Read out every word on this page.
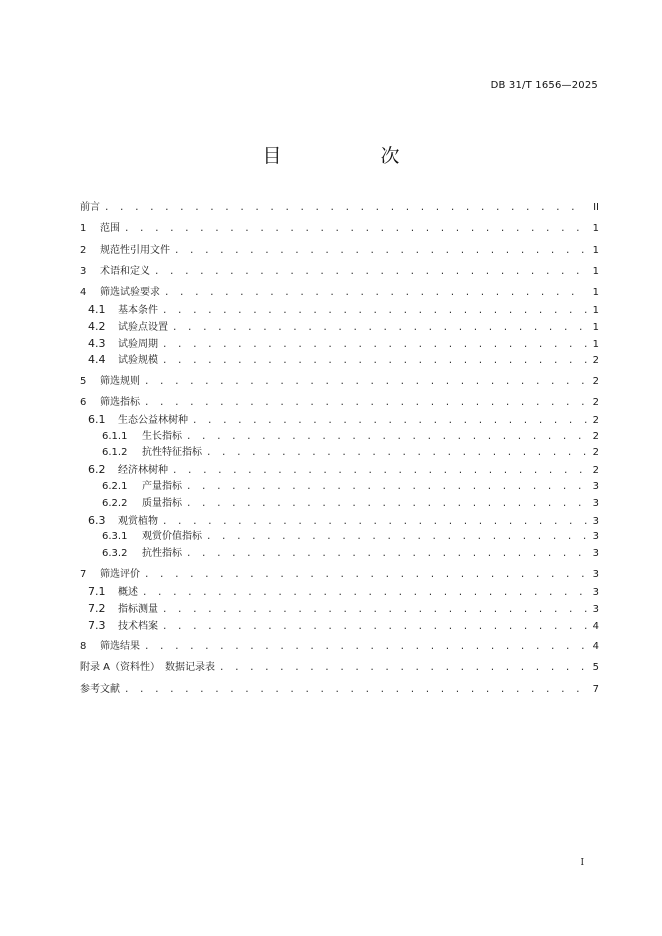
DB 31/T 1656—2025
目　次
前言 . . .	II
1	范围 . . .	1
2	规范性引用文件 . . .	1
3	术语和定义 . . .	1
4	筛选试验要求 . . .	1
4.1	基本条件 . . .	1
4.2	试验点设置 . . .	1
4.3	试验周期 . . .	1
4.4	试验规模 . . .	2
5	筛选规则 . . .	2
6	筛选指标 . . .	2
6.1	生态公益林树种 . . .	2
6.1.1	生长指标 . . .	2
6.1.2	抗性特征指标 . . .	2
6.2	经济林树种 . . .	2
6.2.1	产量指标 . . .	3
6.2.2	质量指标 . . .	3
6.3	观赏植物 . . .	3
6.3.1	观赏价值指标 . . .	3
6.3.2	抗性指标 . . .	3
7	筛选评价 . . .	3
7.1	概述 . . .	3
7.2	指标测量 . . .	3
7.3	技术档案 . . .	4
8	筛选结果 . . .	4
附录 A（资料性）　数据记录表 . . .	5
参考文献 . . .	7
I
